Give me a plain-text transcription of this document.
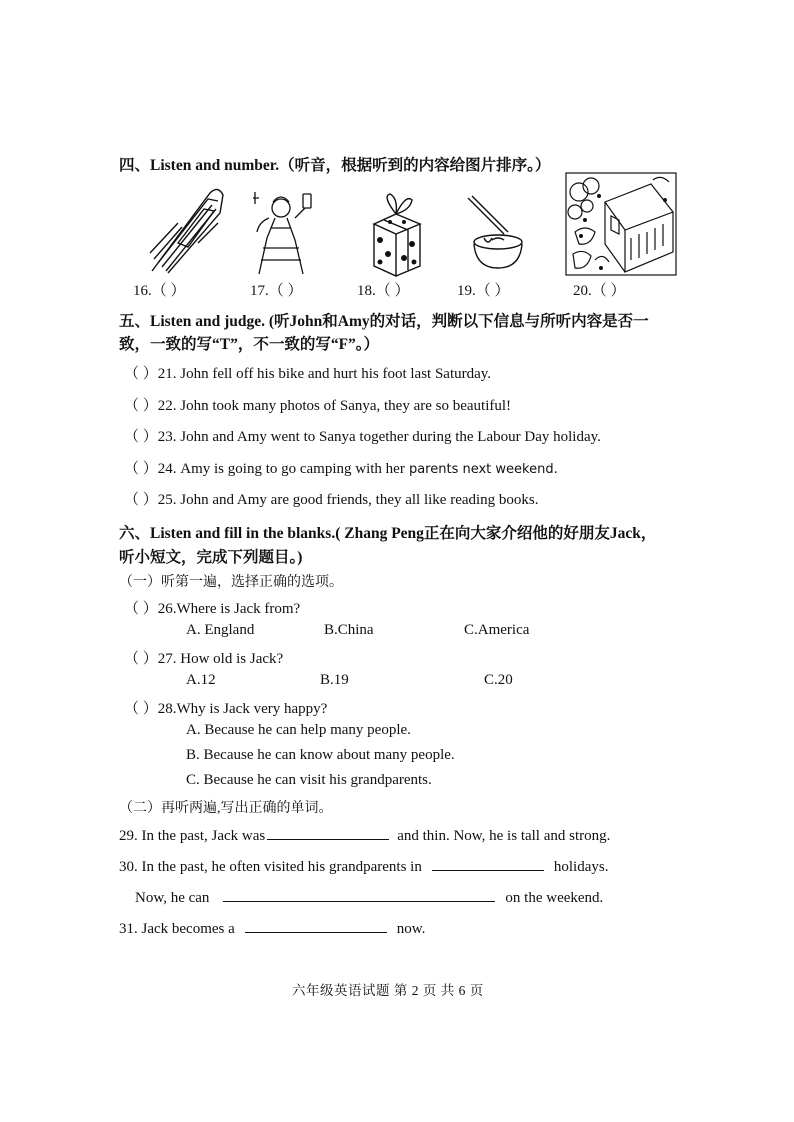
四、Listen and number.（听音，根据听到的内容给图片排序。）
16.（ ）	17.（ ）	18.（ ）	19.（ ）	20.（ ）
五、Listen and judge. (听John和Amy的对话，判断以下信息与所听内容是否一
致，一致的写“T”，不一致的写“F”。）
（ ）21. John fell off his bike and hurt his foot last Saturday.
（ ）22. John took many photos of Sanya, they are so beautiful!
（ ）23. John and Amy went to Sanya together during the Labour Day holiday.
（ ）24. Amy is going to go camping with her parents next weekend.
（ ）25. John and Amy are good friends, they all like reading books.
六、Listen and fill in the blanks.( Zhang Peng正在向大家介绍他的好朋友Jack，
听小短文，完成下列题目。)
（一）听第一遍，选择正确的选项。
（ ）26.Where is Jack from?
A. England	B.China	C.America
（ ）27. How old is Jack?
A.12	B.19	C.20
（ ）28.Why is Jack very happy?
A. Because he can help many people.
B. Because he can know about many people.
C. Because he can visit his grandparents.
（二）再听两遍,写出正确的单词。
29. In the past, Jack was	and thin. Now, he is tall and strong.
30. In the past, he often visited his grandparents in	holidays.
Now, he can	on the weekend.
31. Jack becomes a	now.
六年级英语试题 第 2 页 共 6 页
